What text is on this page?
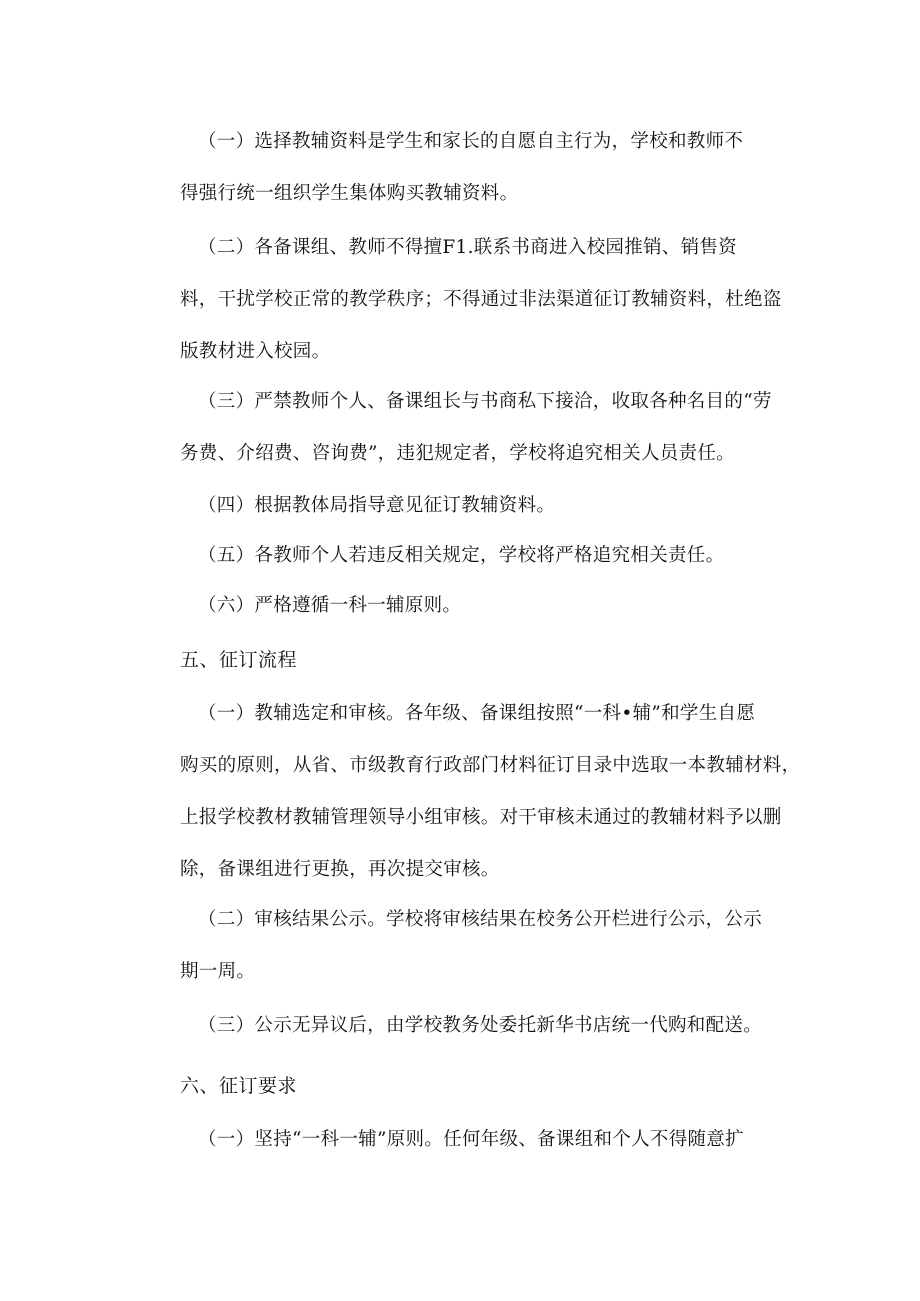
（一）选择教辅资料是学生和家长的自愿自主行为，学校和教师不
得强行统一组织学生集体购买教辅资料。

（二）各备课组、教师不得擅F1.联系书商进入校园推销、销售资
料，干扰学校正常的教学秩序；不得通过非法渠道征订教辅资料，杜绝盗
版教材进入校园。

（三）严禁教师个人、备课组长与书商私下接洽，收取各种名目的“劳
务费、介绍费、咨询费”，违犯规定者，学校将追究相关人员责任。

（四）根据教体局指导意见征订教辅资料。

（五）各教师个人若违反相关规定，学校将严格追究相关责任。

（六）严格遵循一科一辅原则。

五、征订流程

（一）教辅选定和审核。各年级、备课组按照“一科•辅”和学生自愿
购买的原则，从省、市级教育行政部门材料征订目录中选取一本教辅材料，
上报学校教材教辅管理领导小组审核。对干审核未通过的教辅材料予以删
除，备课组进行更换，再次提交审核。

（二）审核结果公示。学校将审核结果在校务公开栏进行公示，公示
期一周。

（三）公示无异议后，由学校教务处委托新华书店统一代购和配送。

六、征订要求

（一）坚持“一科一辅”原则。任何年级、备课组和个人不得随意扩
